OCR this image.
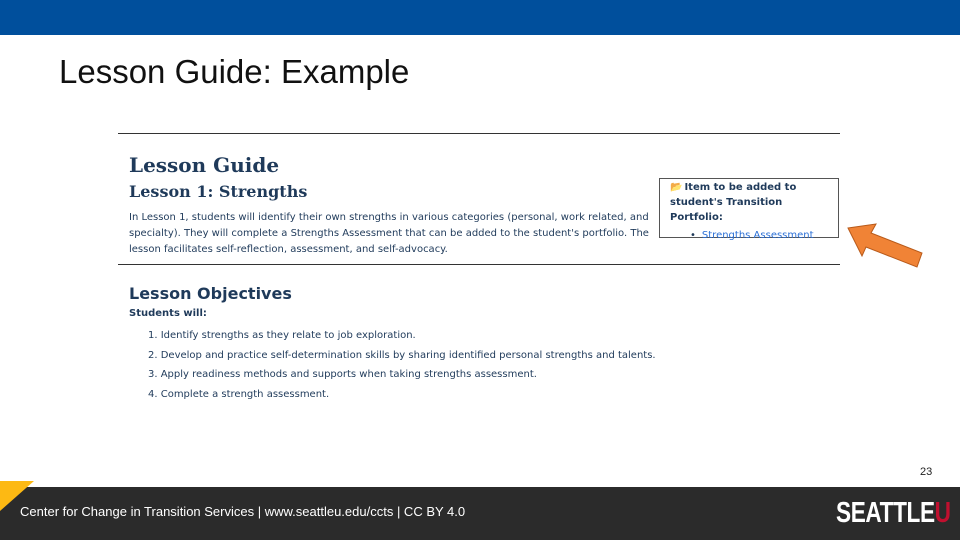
Lesson Guide: Example
Lesson Guide
Lesson 1: Strengths
In Lesson 1, students will identify their own strengths in various categories (personal, work related, and specialty). They will complete a Strengths Assessment that can be added to the student's portfolio. The lesson facilitates self-reflection, assessment, and self-advocacy.
📂 Item to be added to student's Transition Portfolio:
• Strengths Assessment
Lesson Objectives
Students will:
1. Identify strengths as they relate to job exploration.
2. Develop and practice self-determination skills by sharing identified personal strengths and talents.
3. Apply readiness methods and supports when taking strengths assessment.
4. Complete a strength assessment.
23
Center for Change in Transition Services | www.seattleu.edu/ccts | CC BY 4.0	SEATTLEU
